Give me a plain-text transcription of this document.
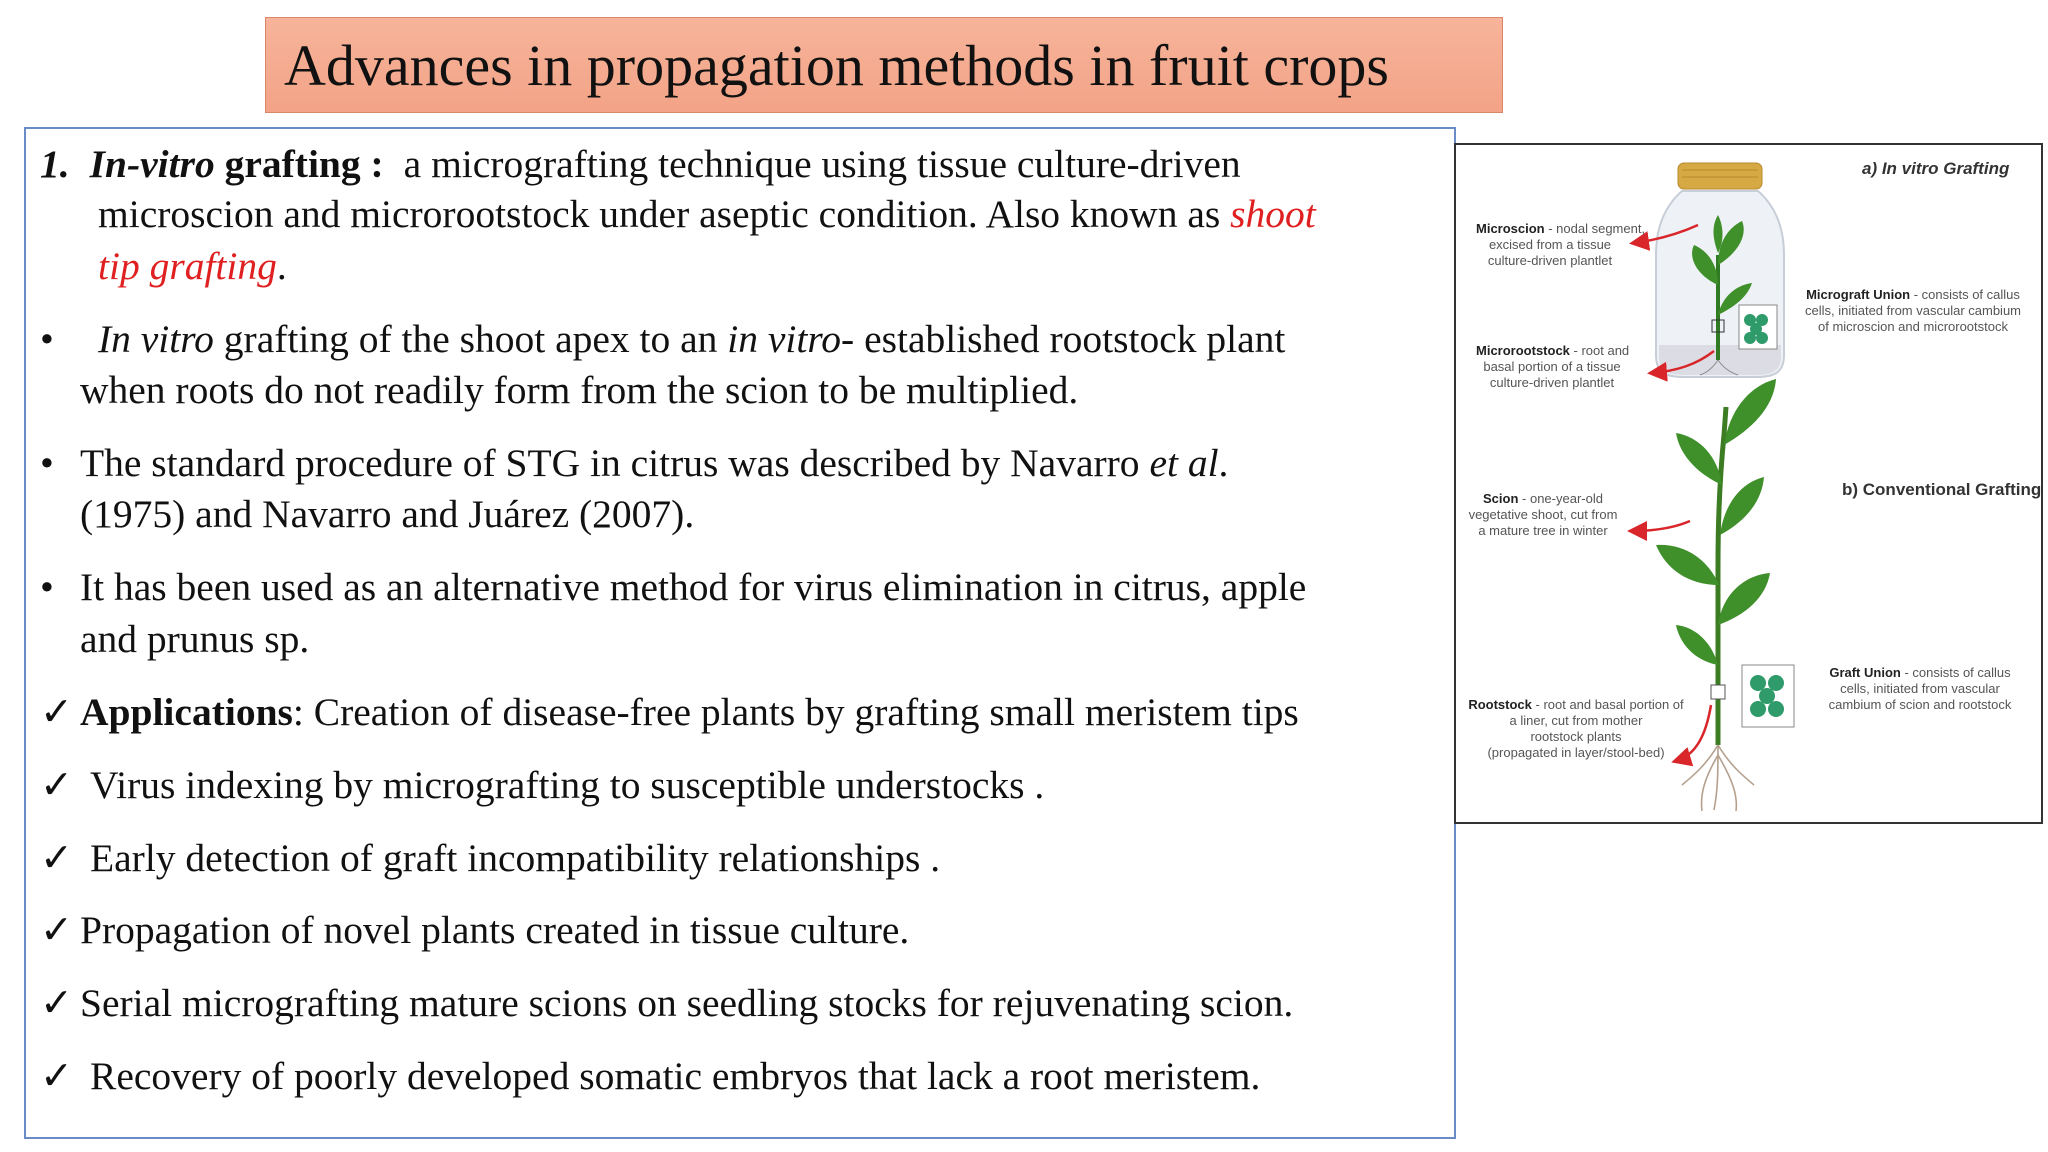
Advances in propagation methods in fruit crops
1. In-vitro grafting : a micrografting technique using tissue culture-driven
microscion and microrootstock under aseptic condition. Also known as shoot
tip grafting.
• In vitro grafting of the shoot apex to an in vitro- established rootstock plant
when roots do not readily form from the scion to be multiplied.
• The standard procedure of STG in citrus was described by Navarro et al.
(1975) and Navarro and Juárez (2007).
• It has been used as an alternative method for virus elimination in citrus, apple
and prunus sp.
✓ Applications: Creation of disease-free plants by grafting small meristem tips
✓ Virus indexing by micrografting to susceptible understocks .
✓ Early detection of graft incompatibility relationships .
✓ Propagation of novel plants created in tissue culture.
✓ Serial micrografting mature scions on seedling stocks for rejuvenating scion.
✓ Recovery of poorly developed somatic embryos that lack a root meristem.
a) In vitro Grafting
b) Conventional Grafting
Microscion - nodal segment,
excised from a tissue
culture-driven plantlet
Microrootstock - root and
basal portion of a tissue
culture-driven plantlet
Micrograft Union - consists of callus
cells, initiated from vascular cambium
of microscion and microrootstock
Scion - one-year-old
vegetative shoot, cut from
a mature tree in winter
Graft Union - consists of callus
cells, initiated from vascular
cambium of scion and rootstock
Rootstock - root and basal portion of
a liner, cut from mother
rootstock plants
(propagated in layer/stool-bed)
